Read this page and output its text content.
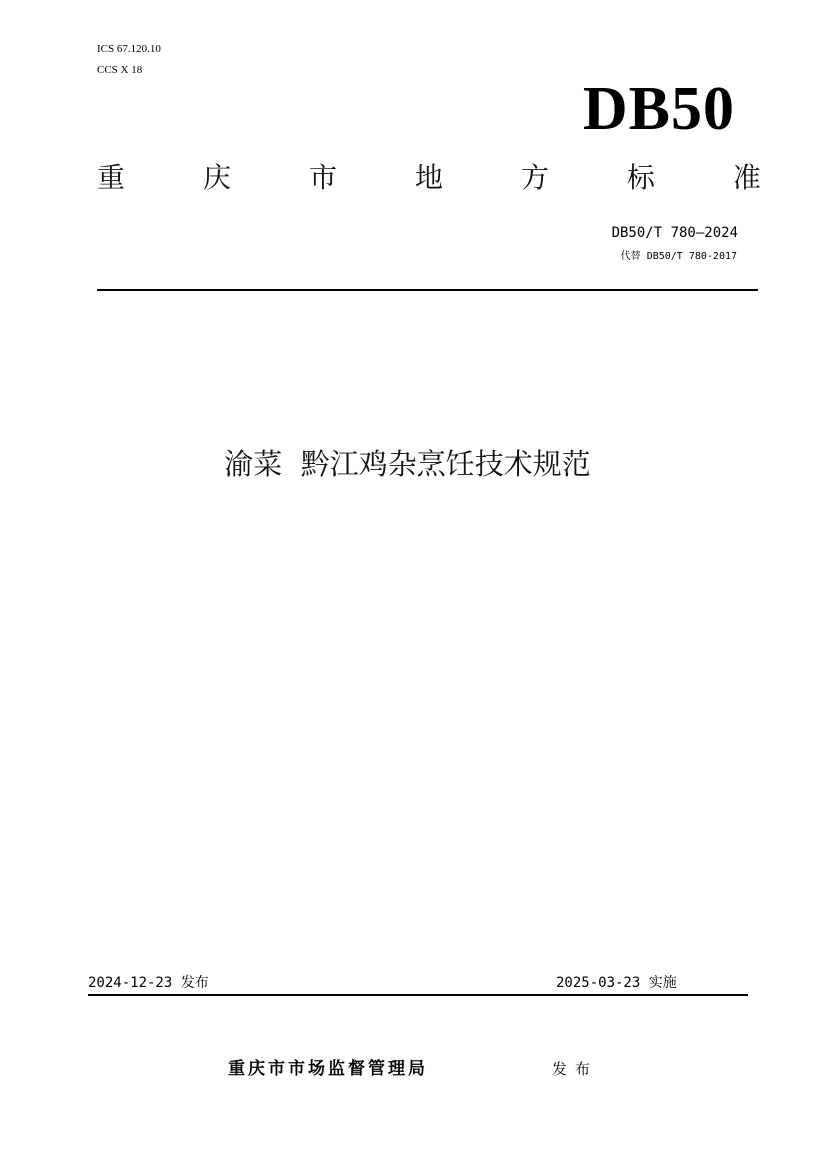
ICS 67.120.10
CCS X 18
DB50
重	庆	市	地	方	标	准
DB50/T 780—2024
代替 DB50/T 780-2017
渝菜  黔江鸡杂烹饪技术规范
2024-12-23 发布	2025-03-23 实施
重庆市市场监督管理局	发布
